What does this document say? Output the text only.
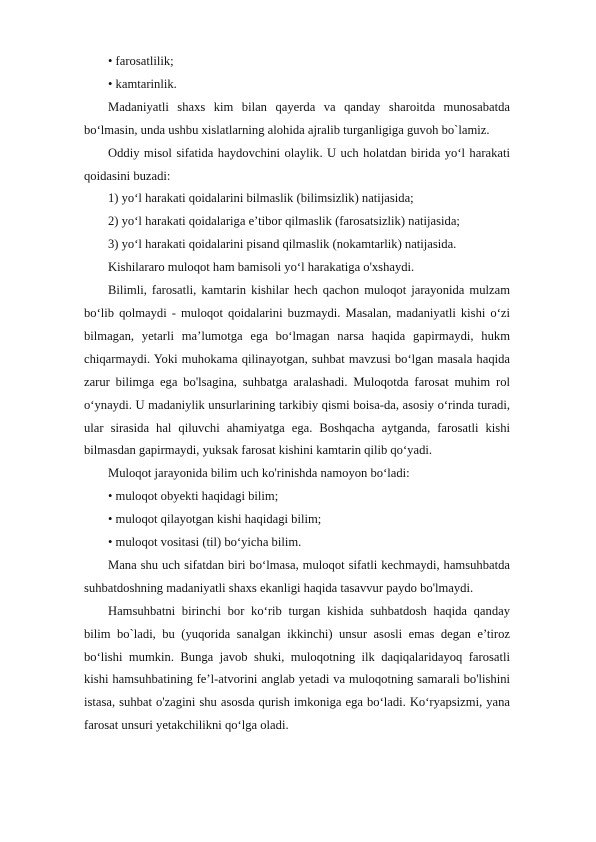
• farosatlilik;

• kamtarinlik.

Madaniyatli shaxs kim bilan qayerda va qanday sharoitda munosabatda bo‘lmasin, unda ushbu xislatlarning alohida ajralib turganligiga guvoh bo`lamiz.

Oddiy misol sifatida haydovchini olaylik. U uch holatdan birida yo‘l harakati qoidasini buzadi:

1) yo‘l harakati qoidalarini bilmaslik (bilimsizlik) natijasida;

2) yo‘l harakati qoidalariga e’tibor qilmaslik (farosatsizlik) natijasida;

3) yo‘l harakati qoidalarini pisand qilmaslik (nokamtarlik) natijasida.

Kishilararo muloqot ham bamisoli yo‘l harakatiga o'xshaydi.

Bilimli, farosatli, kamtarin kishilar hech qachon muloqot jarayonida mulzam bo‘lib qolmaydi - muloqot qoidalarini buzmaydi. Masalan, madaniyatli kishi o‘zi bilmagan, yetarli ma’lumotga ega bo‘lmagan narsa haqida gapirmaydi, hukm chiqarmaydi. Yoki muhokama qilinayotgan, suhbat mavzusi bo‘lgan masala haqida zarur bilimga ega bo'lsagina, suhbatga aralashadi. Muloqotda farosat muhim rol o‘ynaydi. U madaniylik unsurlarining tarkibiy qismi boisa-da, asosiy o‘rinda turadi, ular sirasida hal qiluvchi ahamiyatga ega. Boshqacha aytganda, farosatli kishi bilmasdan gapirmaydi, yuksak farosat kishini kamtarin qilib qo‘yadi.

Muloqot jarayonida bilim uch ko'rinishda namoyon bo‘ladi:

• muloqot obyekti haqidagi bilim;

• muloqot qilayotgan kishi haqidagi bilim;

• muloqot vositasi (til) bo‘yicha bilim.

Mana shu uch sifatdan biri bo‘lmasa, muloqot sifatli kechmaydi, hamsuhbatda suhbatdoshning madaniyatli shaxs ekanligi haqida tasavvur paydo bo'lmaydi.

Hamsuhbatni birinchi bor ko‘rib turgan kishida suhbatdosh haqida qanday bilim bo`ladi, bu (yuqorida sanalgan ikkinchi) unsur asosli emas degan e’tiroz bo‘lishi mumkin. Bunga javob shuki, muloqotning ilk daqiqalaridayoq farosatli kishi hamsuhbatining fe’l-atvorini anglab yetadi va muloqotning samarali bo'lishini istasa, suhbat o'zagini shu asosda qurish imkoniga ega bo‘ladi. Ko‘ryapsizmi, yana farosat unsuri yetakchilikni qo‘lga oladi.
